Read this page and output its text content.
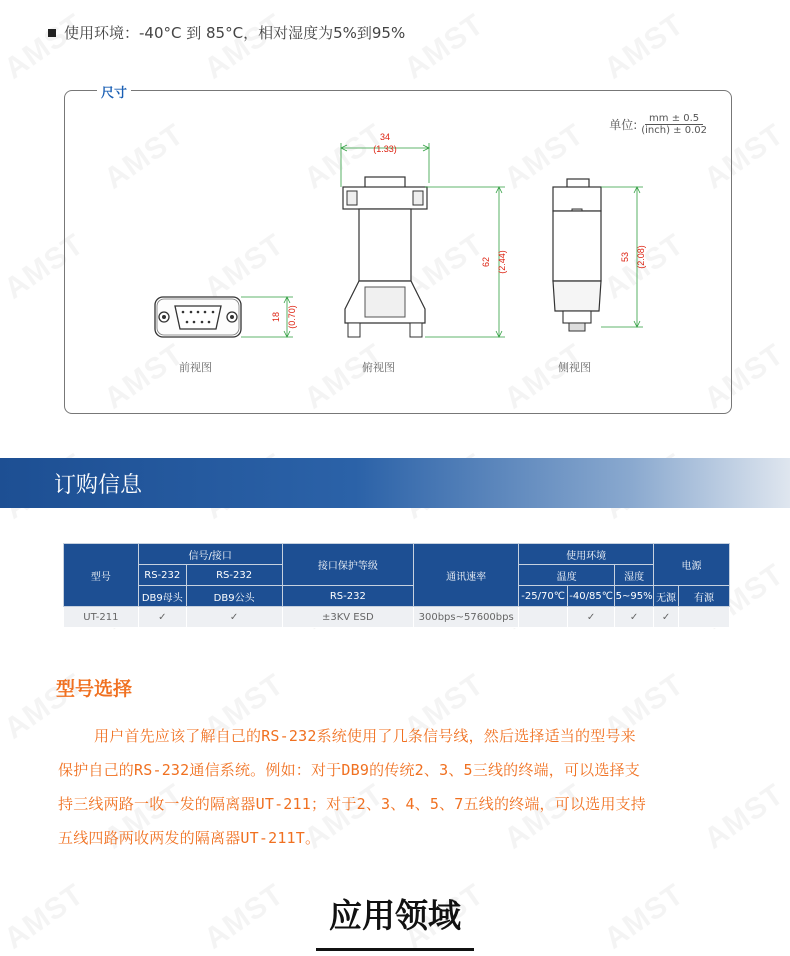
使用环境：-40°C 到 85°C，相对湿度为5%到95%
尺寸
单位: $\frac{mm \pm 0.5}{\text{(inch) ± 0.02}}$
34
(1.33)
62 (2.44)
18 (0.70)
53 (2.08)
前视图	俯视图	侧视图
订购信息
型号	信号/接口		接口保护等级	通讯速率	使用环境			电源	
	RS-232	RS-232			温度		湿度		
	DB9母头	DB9公头	RS-232		-25/70℃	-40/85℃	5~95%	无源	有源
UT-211	✓	✓	±3KV ESD	300bps~57600bps		✓	✓	✓	
型号选择
用户首先应该了解自己的RS-232系统使用了几条信号线，然后选择适当的型号来
保护自己的RS-232通信系统。例如：对于DB9的传统2、3、5三线的终端，可以选择支
持三线两路一收一发的隔离器UT-211；对于2、3、4、5、7五线的终端，可以选用支持
五线四路两收两发的隔离器UT-211T。
应用领域
